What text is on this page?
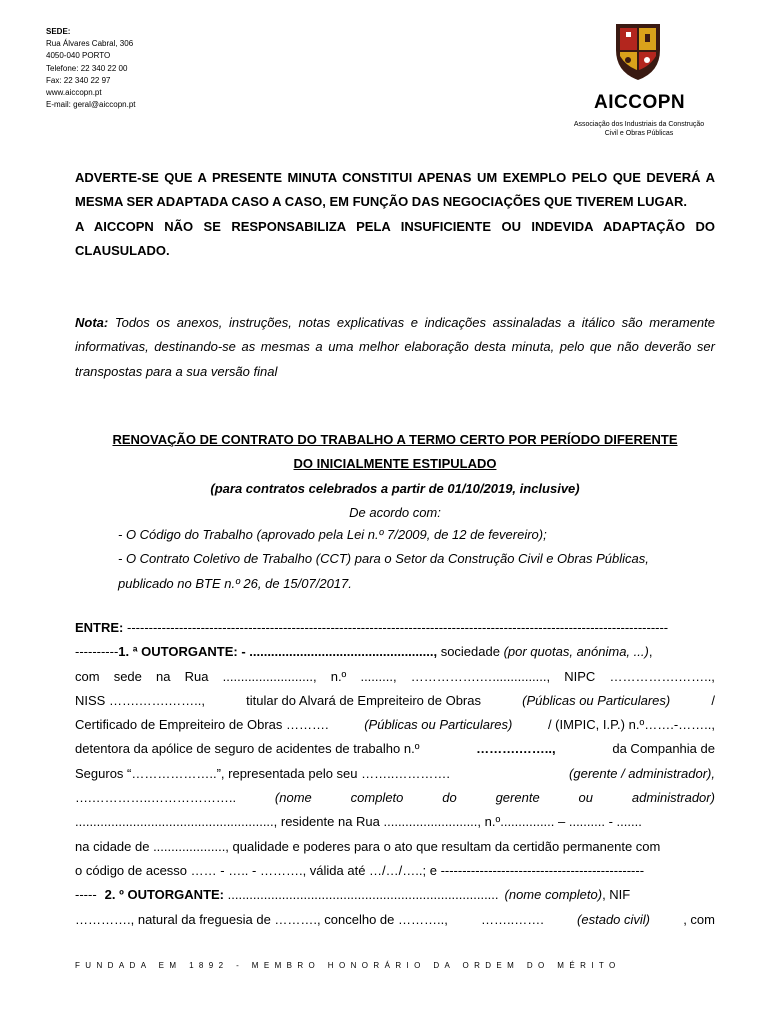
SEDE:
Rua Álvares Cabral, 306
4050-040 PORTO
Telefone: 22 340 22 00
Fax: 22 340 22 97
www.aiccopn.pt
E-mail: geral@aiccopn.pt	AICCOPN
Associação dos Industriais da Construção
Civil e Obras Públicas

ADVERTE-SE QUE A PRESENTE MINUTA CONSTITUI APENAS UM EXEMPLO PELO QUE DEVERÁ A MESMA SER ADAPTADA CASO A CASO, EM FUNÇÃO DAS NEGOCIAÇÕES QUE TIVEREM LUGAR.

A AICCOPN NÃO SE RESPONSABILIZA PELA INSUFICIENTE OU INDEVIDA ADAPTAÇÃO DO CLAUSULADO.

Nota: Todos os anexos, instruções, notas explicativas e indicações assinaladas a itálico são meramente informativas, destinando-se as mesmas a uma melhor elaboração desta minuta, pelo que não deverão ser transpostas para a sua versão final
RENOVAÇÃO DE CONTRATO DO TRABALHO A TERMO CERTO POR PERÍODO DIFERENTE
DO INICIALMENTE ESTIPULADO
(para contratos celebrados a partir de 01/10/2019, inclusive)
De acordo com:
- O Código do Trabalho (aprovado pela Lei n.º 7/2009, de 12 de fevereiro);
- O Contrato Coletivo de Trabalho (CCT) para o Setor da Construção Civil e Obras Públicas,
publicado no BTE n.º 26, de 15/07/2017.
ENTRE: -----------------------------------------------------------------------------------------------------------------------------
---------- 1. ª OUTORGANTE: - ..................................................., sociedade (por quotas, anónima, ...) ,
com sede na Rua ........................., n.º ........., …………….…..............., NIPC …………….……..,
NISS …….…….……..,	titular do Alvará de Empreiteiro de Obras	(Públicas ou Particulares)	/
Certificado de Empreiteiro de Obras ……….	(Públicas ou Particulares)	/ (IMPIC, I.P.) n.º…….-……..,
detentora da apólice de seguro de acidentes de trabalho n.º	……….……..,	da Companhia de
Seguros “………………..”, representada pelo seu ……..………….	(gerente / administrador),
….…………..………………..	(nome	completo	do	gerente	ou	administrador)
......................................................., residente na Rua .........................., n.º............... – .......... - .......
na cidade de ...................., qualidade e poderes para o ato que resultam da certidão permanente com
o código de acesso …… - ….. - ………., válida até …/…/…..; e -----------------------------------------------
----- 2. º OUTORGANTE: ........................................................................... (nome completo) , NIF
…………., natural da freguesia de ………., concelho de ………..,	……..…….	(estado civil)	, com
FUNDADA EM 1892 - MEMBRO HONORÁRIO DA ORDEM DO MÉRITO
